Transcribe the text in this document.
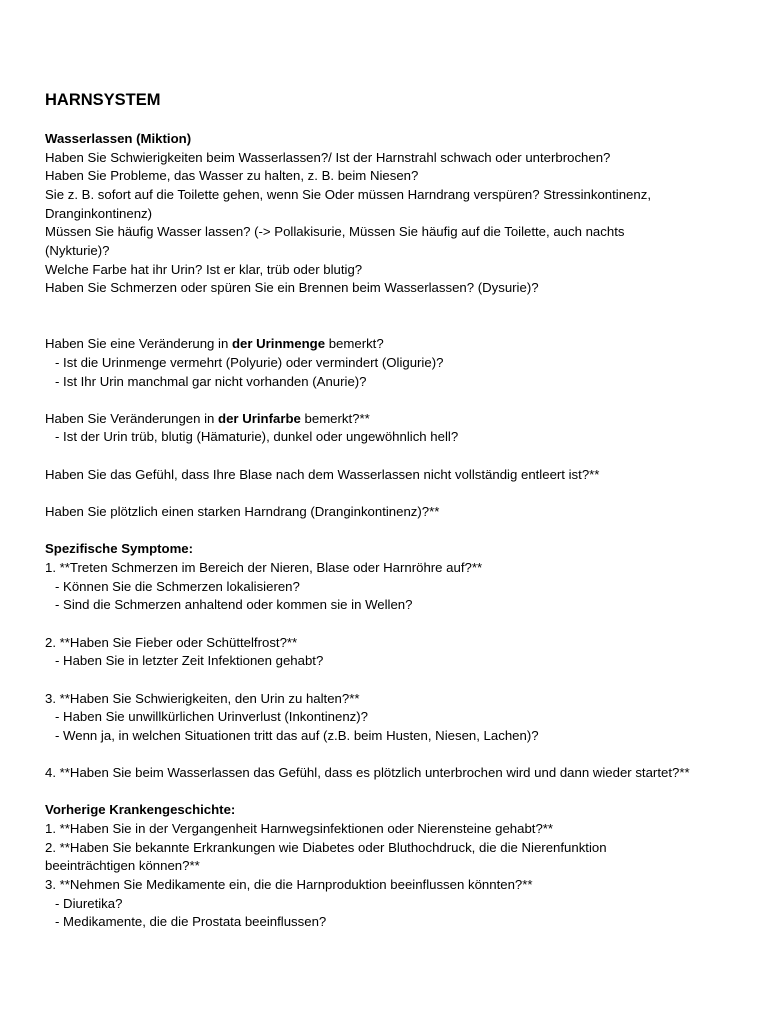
HARNSYSTEM
Wasserlassen (Miktion)
Haben Sie Schwierigkeiten beim Wasserlassen?/ Ist der Harnstrahl schwach oder unterbrochen?
Haben Sie Probleme, das Wasser zu halten, z. B. beim Niesen?
Sie z. B. sofort auf die Toilette gehen, wenn Sie Oder müssen Harndrang verspüren? Stressinkontinenz,
Dranginkontinenz)
Müssen Sie häufig Wasser lassen? (-> Pollakisurie, Müssen Sie häufig auf die Toilette, auch nachts
(Nykturie)?
Welche Farbe hat ihr Urin? Ist er klar, trüb oder blutig?
Haben Sie Schmerzen oder spüren Sie ein Brennen beim Wasserlassen? (Dysurie)?
Haben Sie eine Veränderung in der Urinmenge bemerkt?
- Ist die Urinmenge vermehrt (Polyurie) oder vermindert (Oligurie)?
- Ist Ihr Urin manchmal gar nicht vorhanden (Anurie)?
Haben Sie Veränderungen in der Urinfarbe bemerkt?**
- Ist der Urin trüb, blutig (Hämaturie), dunkel oder ungewöhnlich hell?
Haben Sie das Gefühl, dass Ihre Blase nach dem Wasserlassen nicht vollständig entleert ist?**
Haben Sie plötzlich einen starken Harndrang (Dranginkontinenz)?**
Spezifische Symptome:
1. **Treten Schmerzen im Bereich der Nieren, Blase oder Harnröhre auf?**
- Können Sie die Schmerzen lokalisieren?
- Sind die Schmerzen anhaltend oder kommen sie in Wellen?
2. **Haben Sie Fieber oder Schüttelfrost?**
- Haben Sie in letzter Zeit Infektionen gehabt?
3. **Haben Sie Schwierigkeiten, den Urin zu halten?**
- Haben Sie unwillkürlichen Urinverlust (Inkontinenz)?
- Wenn ja, in welchen Situationen tritt das auf (z.B. beim Husten, Niesen, Lachen)?
4. **Haben Sie beim Wasserlassen das Gefühl, dass es plötzlich unterbrochen wird und dann wieder startet?**
Vorherige Krankengeschichte:
1. **Haben Sie in der Vergangenheit Harnwegsinfektionen oder Nierensteine gehabt?**
2. **Haben Sie bekannte Erkrankungen wie Diabetes oder Bluthochdruck, die die Nierenfunktion
beeinträchtigen können?**
3. **Nehmen Sie Medikamente ein, die die Harnproduktion beeinflussen könnten?**
- Diuretika?
- Medikamente, die die Prostata beeinflussen?
